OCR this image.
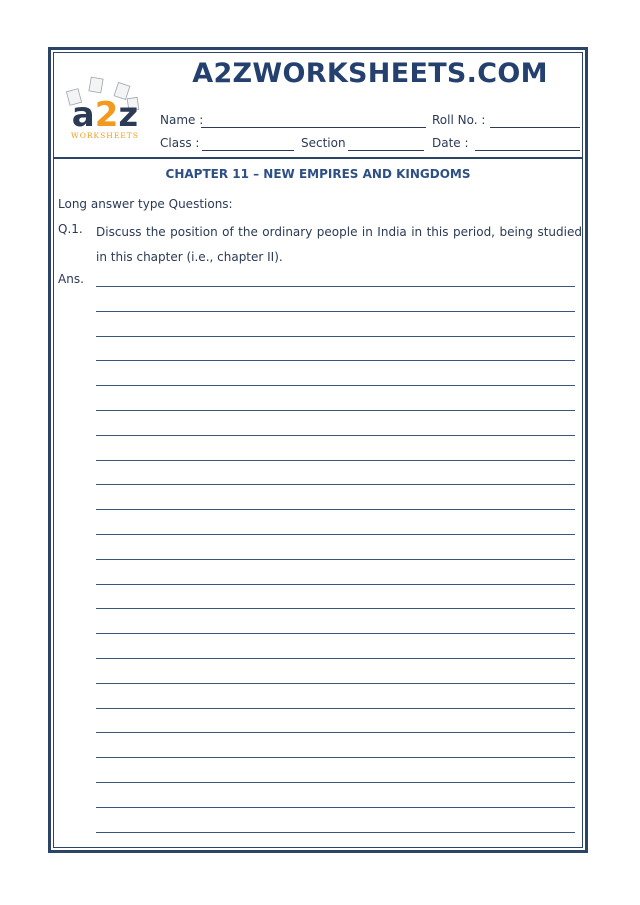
a2z
WORKSHEETS
A2ZWORKSHEETS.COM
Name :	Roll No. :
Class :	Section	Date :
CHAPTER 11 – NEW EMPIRES AND KINGDOMS
Long answer type Questions:
Q.1. Discuss the position of the ordinary people in India in this period, being studied in this chapter (i.e., chapter II).
Ans.
